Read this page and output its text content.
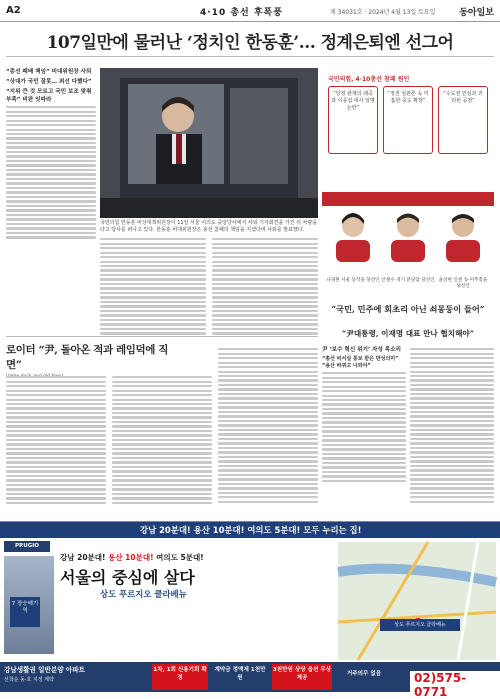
A2	4·10 총선 후폭풍	제 34031호 · 2024년 4월 13일 토요일	동아일보
107일만에 물러난 ‘정치인 한동훈’… 정계은퇴엔 선그어
“총선 패배 책임” 비대위원장 사퇴
“상대가 국민 잘못… 최선 다했다”
“지위 큰 것 모르고 국민 보조 맞춰 부족” 비판 잇따라
국민의힘 한동훈 비상대책위원장이 11일 서울 여의도 중앙당사에서 사퇴 기자회견을 가진 뒤 차량을 타고 당사를 떠나고 있다. 한동훈 비대위원장은 총선 참패의 책임을 지겠다며 사퇴를 발표했다.
국민의힘, 4·10총선 참패 원인
“당정 관계의 왜곡과 이종섭 대사 임명 논란”
“정권 심판론 속 미흡한 중도 확장”
“수도권 민심과 괴리된 공천”
나경원 서울 동작을 당선인 안철수 경기 분당갑 당선인 윤상현 인천 동·미추홀을 당선인
“국민, 민주에 회초리 아닌 쇠몽둥이 들어”
“尹대통령, 이재명 대표 만나 협치해야”
로이터 “尹, 돌아온 적과 레임덕에 직면”
尹 ‘보수 혁신 위기’ 자성 목소리
“총선 비서실 통보 받은 반성의미” “용산 바뀌고 나와야”
강남 20분대! 용산 10분대! 여의도 5분대! 모두 누리는 집!
PRUGIO
7 장승배기역
강남 20분대! 용산 10분대! 여의도 5분대!
서울의 중심에 살다
상도 푸르지오 클라베뉴
상도 푸르지오 클라베뉴
강남생활권 일반분양 아파트
선착순 동·호 지정 계약
1차, 1회 신용기회 확정
계약금 정액제 1천만원
3천만원 상당 옵션 무상제공
거주의무 없음	02)575-0771
